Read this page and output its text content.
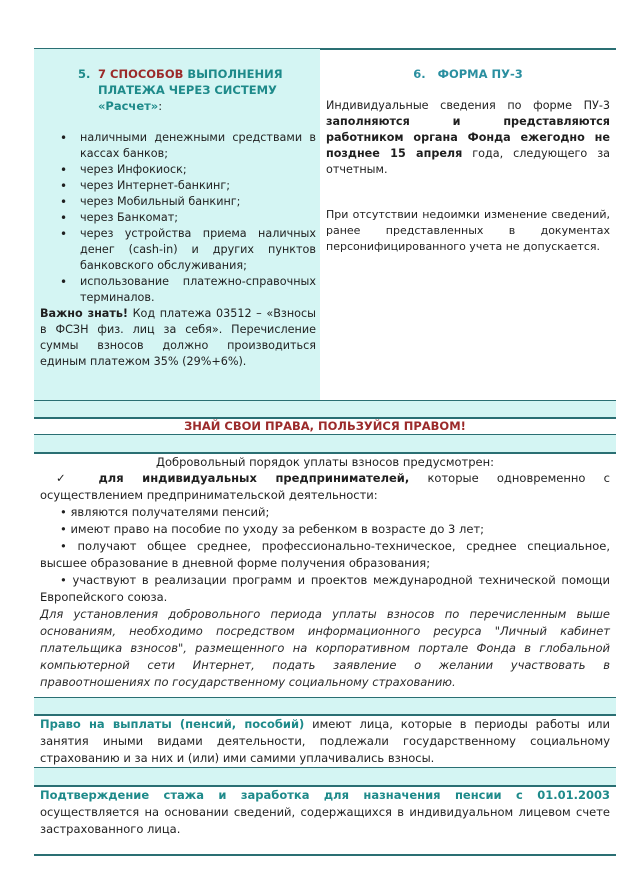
5. 7 СПОСОБОВ ВЫПОЛНЕНИЯ
ПЛАТЕЖА ЧЕРЕЗ СИСТЕМУ
«Расчет»:
• наличными денежными средствами в кассах банков;
• через Инфокиоск;
• через Интернет-банкинг;
• через Мобильный банкинг;
• через Банкомат;
• через устройства приема наличных денег (cash-in) и других пунктов банковского обслуживания;
• использование платежно-справочных терминалов.
Важно знать! Код платежа 03512 – «Взносы в ФСЗН физ. лиц за себя». Перечисление суммы взносов должно производиться единым платежом 35% (29%+6%).
6. ФОРМА ПУ-3
Индивидуальные сведения по форме ПУ-3 заполняются и представляются работником органа Фонда ежегодно не позднее 15 апреля года, следующего за отчетным.
При отсутствии недоимки изменение сведений, ранее представленных в документах персонифицированного учета не допускается.
ЗНАЙ СВОИ ПРАВА, ПОЛЬЗУЙСЯ ПРАВОМ!
Добровольный порядок уплаты взносов предусмотрен:
✓ для индивидуальных предпринимателей, которые одновременно с осуществлением предпринимательской деятельности:
• являются получателями пенсий;
• имеют право на пособие по уходу за ребенком в возрасте до 3 лет;
• получают общее среднее, профессионально-техническое, среднее специальное, высшее образование в дневной форме получения образования;
• участвуют в реализации программ и проектов международной технической помощи Европейского союза.
Для установления добровольного периода уплаты взносов по перечисленным выше основаниям, необходимо посредством информационного ресурса "Личный кабинет плательщика взносов", размещенного на корпоративном портале Фонда в глобальной компьютерной сети Интернет, подать заявление о желании участвовать в правоотношениях по государственному социальному страхованию.
Право на выплаты (пенсий, пособий) имеют лица, которые в периоды работы или занятия иными видами деятельности, подлежали государственному социальному страхованию и за них и (или) ими самими уплачивались взносы.
Подтверждение стажа и заработка для назначения пенсии с 01.01.2003 осуществляется на основании сведений, содержащихся в индивидуальном лицевом счете застрахованного лица.
